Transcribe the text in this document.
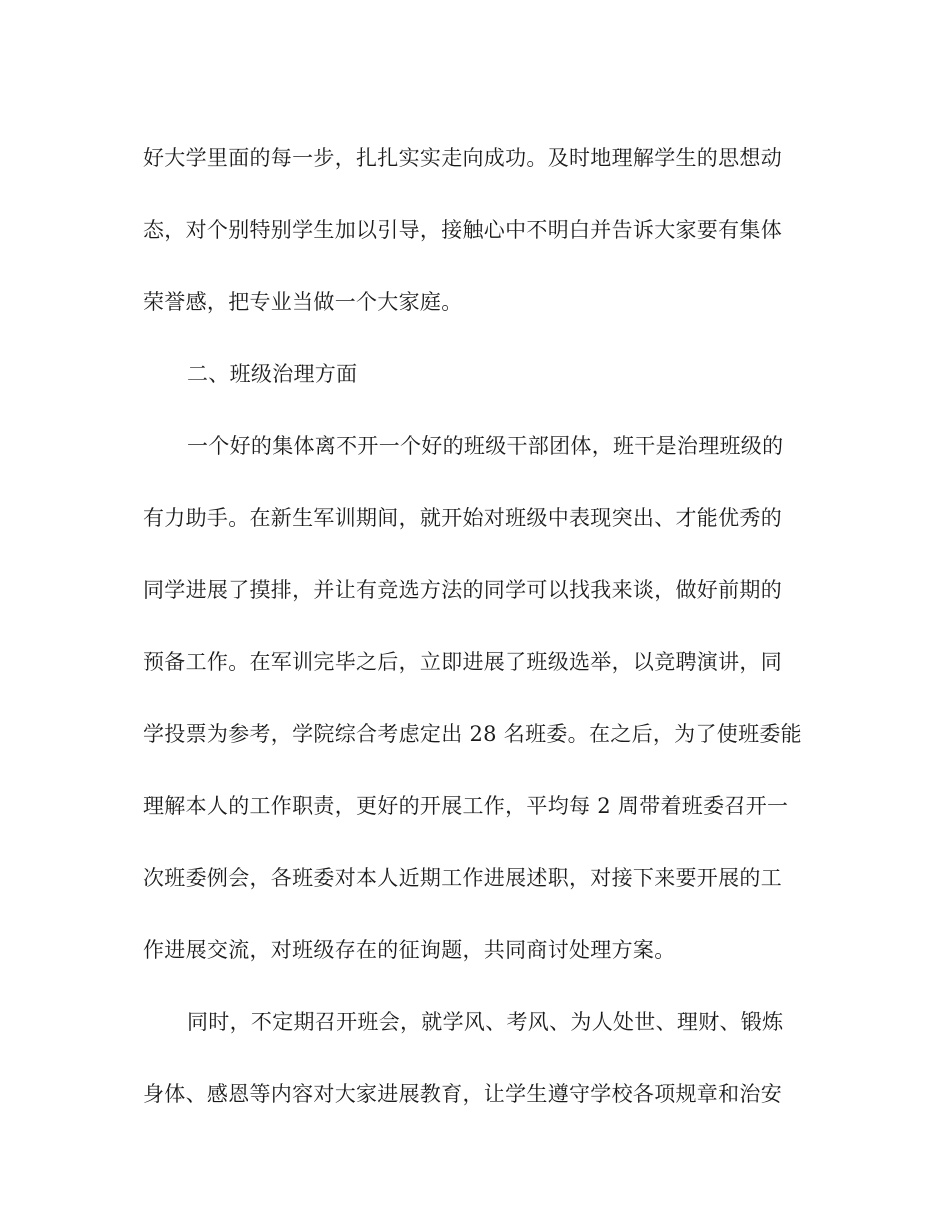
好大学里面的每一步，扎扎实实走向成功。及时地理解学生的思想动
态，对个别特别学生加以引导，接触心中不明白并告诉大家要有集体
荣誉感，把专业当做一个大家庭。
二、班级治理方面
一个好的集体离不开一个好的班级干部团体，班干是治理班级的
有力助手。在新生军训期间，就开始对班级中表现突出、才能优秀的
同学进展了摸排，并让有竞选方法的同学可以找我来谈，做好前期的
预备工作。在军训完毕之后，立即进展了班级选举，以竞聘演讲，同
学投票为参考，学院综合考虑定出 28 名班委。在之后，为了使班委能
理解本人的工作职责，更好的开展工作，平均每 2 周带着班委召开一
次班委例会，各班委对本人近期工作进展述职，对接下来要开展的工
作进展交流，对班级存在的征询题，共同商讨处理方案。
同时，不定期召开班会，就学风、考风、为人处世、理财、锻炼
身体、感恩等内容对大家进展教育，让学生遵守学校各项规章和治安
